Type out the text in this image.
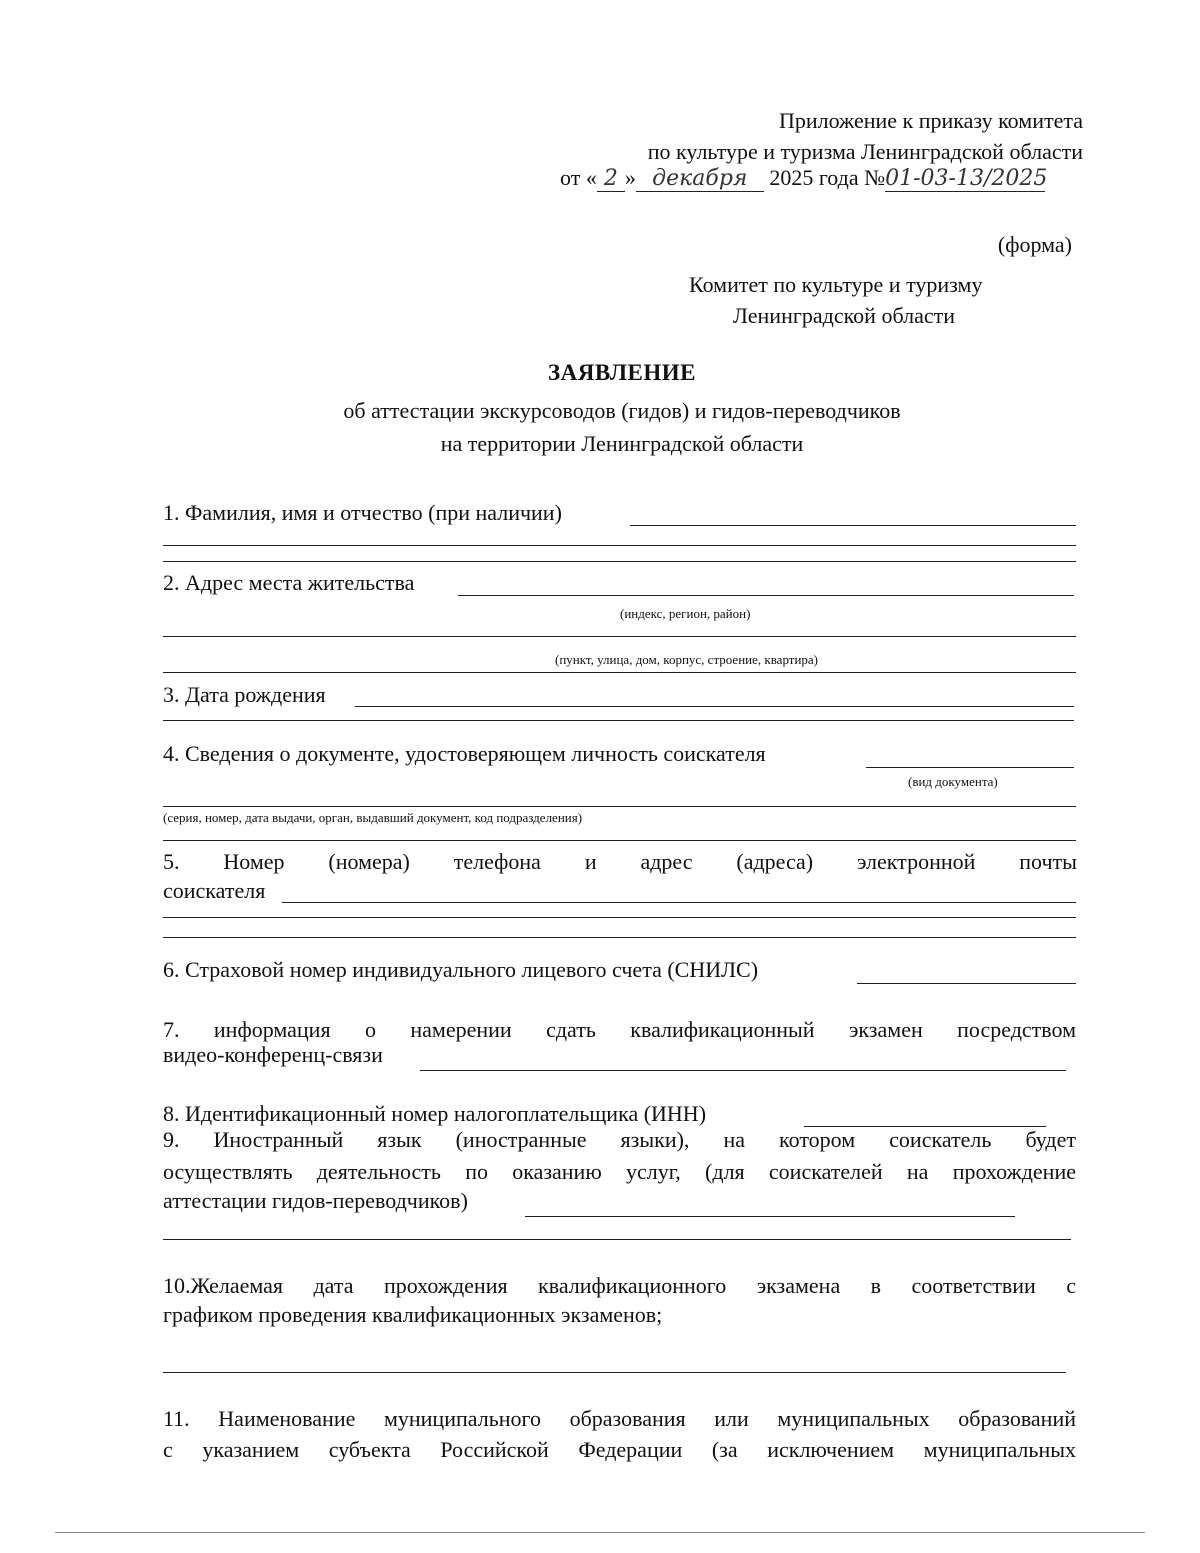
Приложение к приказу комитета
по культуре и туризма Ленинградской области
от « 2 » декабря 2025 года №01-03-13/2025
(форма)
Комитет по культуре и туризму
Ленинградской области
ЗАЯВЛЕНИЕ
об аттестации экскурсоводов (гидов) и гидов-переводчиков
на территории Ленинградской области
1. Фамилия, имя и отчество (при наличии)
2. Адрес места жительства
(индекс, регион, район)
(пункт, улица, дом, корпус, строение, квартира)
3. Дата рождения
4. Сведения о документе, удостоверяющем личность соискателя
(вид документа)
(серия, номер, дата выдачи, орган, выдавший документ, код подразделения)
5. Номер (номера) телефона и адрес (адреса) электронной почты
соискателя
6. Страховой номер индивидуального лицевого счета (СНИЛС)
7. информация о намерении сдать квалификационный экзамен посредством
видео-конференц-связи
8. Идентификационный номер налогоплательщика (ИНН)
9. Иностранный язык (иностранные языки), на котором соискатель будет
осуществлять деятельность по оказанию услуг, (для соискателей на прохождение
аттестации гидов-переводчиков)
10.Желаемая дата прохождения квалификационного экзамена в соответствии с
графиком проведения квалификационных экзаменов;
11. Наименование муниципального образования или муниципальных образований
с указанием субъекта Российской Федерации (за исключением муниципальных
